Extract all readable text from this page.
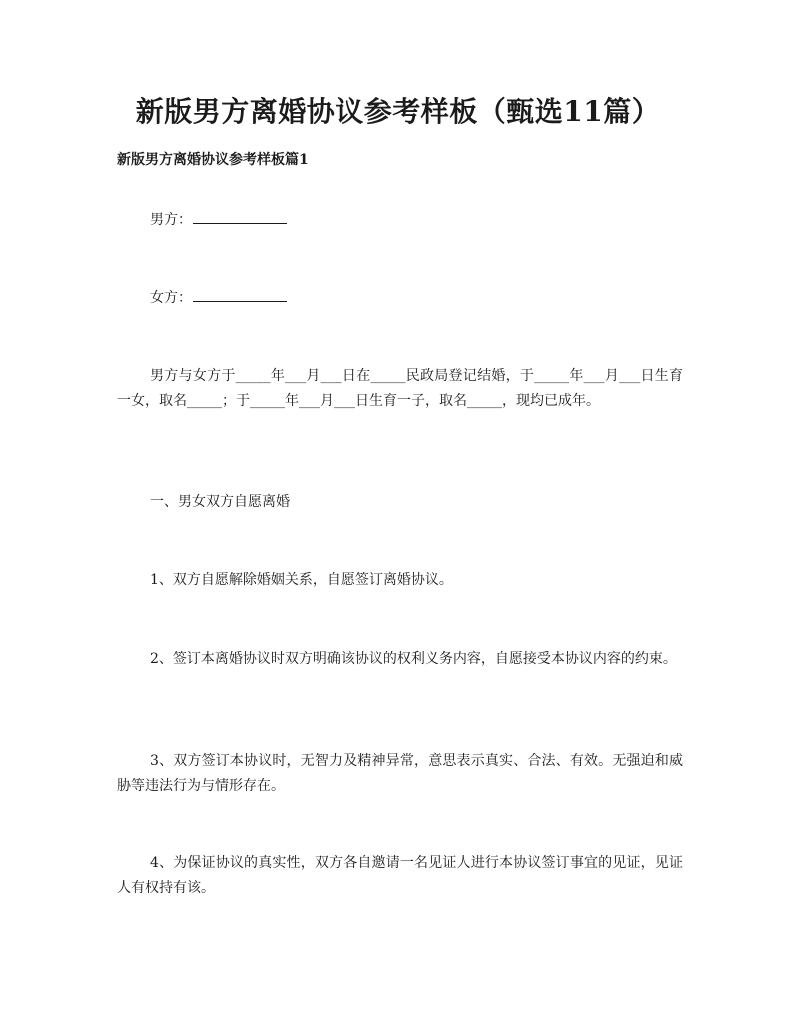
新版男方离婚协议参考样板（甄选11篇）
新版男方离婚协议参考样板篇1

男方：

女方：

男方与女方于_____年___月___日在_____民政局登记结婚，于_____年___月___日生育一女，取名_____；于_____年___月___日生育一子，取名_____，现均已成年。

一、男女双方自愿离婚

1、双方自愿解除婚姻关系，自愿签订离婚协议。

2、签订本离婚协议时双方明确该协议的权利义务内容，自愿接受本协议内容的约束。

3、双方签订本协议时，无智力及精神异常，意思表示真实、合法、有效。无强迫和威胁等违法行为与情形存在。

4、为保证协议的真实性，双方各自邀请一名见证人进行本协议签订事宜的见证，见证人有权持有该。
